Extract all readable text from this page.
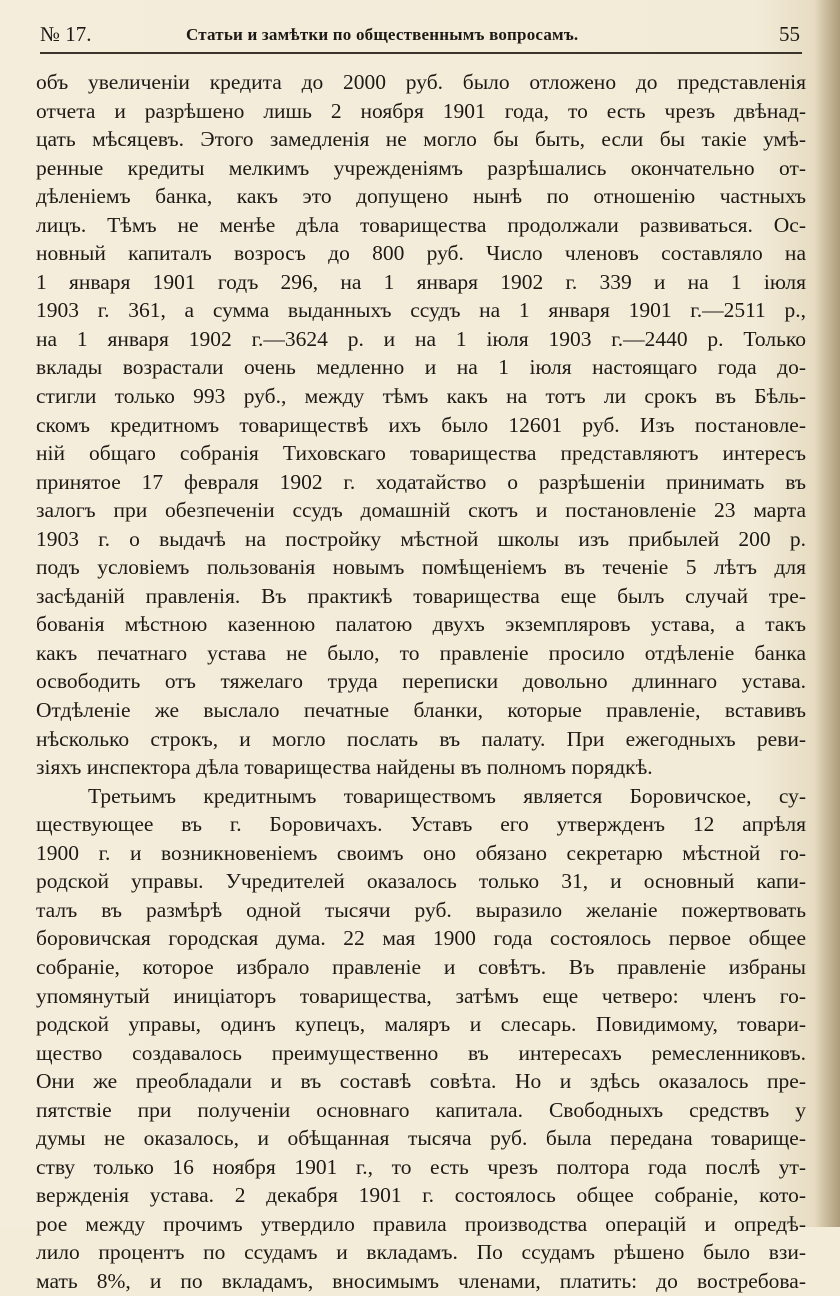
№ 17.	Статьи и замѣтки по общественнымъ вопросамъ.	55
объ увеличеніи кредита до 2000 руб. было отложено до представленія
отчета и разрѣшено лишь 2 ноября 1901 года, то есть чрезъ двѣнад-
цать мѣсяцевъ. Этого замедленія не могло бы быть, если бы такіе умѣ-
ренные кредиты мелкимъ учрежденіямъ разрѣшались окончательно от-
дѣленіемъ банка, какъ это допущено нынѣ по отношенію частныхъ
лицъ. Тѣмъ не менѣе дѣла товарищества продолжали развиваться. Ос-
новный капиталъ возросъ до 800 руб. Число членовъ составляло на
1 января 1901 годъ 296, на 1 января 1902 г. 339 и на 1 іюля
1903 г. 361, а сумма выданныхъ ссудъ на 1 января 1901 г.—2511 р.,
на 1 января 1902 г.—3624 р. и на 1 іюля 1903 г.—2440 р. Только
вклады возрастали очень медленно и на 1 іюля настоящаго года до-
стигли только 993 руб., между тѣмъ какъ на тотъ ли срокъ въ Бѣль-
скомъ кредитномъ товариществѣ ихъ было 12601 руб. Изъ постановле-
ній общаго собранія Тиховскаго товарищества представляютъ интересъ
принятое 17 февраля 1902 г. ходатайство о разрѣшеніи принимать въ
залогъ при обезпеченіи ссудъ домашній скотъ и постановленіе 23 марта
1903 г. о выдачѣ на постройку мѣстной школы изъ прибылей 200 р.
подъ условіемъ пользованія новымъ помѣщеніемъ въ теченіе 5 лѣтъ для
засѣданій правленія. Въ практикѣ товарищества еще былъ случай тре-
бованія мѣстною казенною палатою двухъ экземпляровъ устава, а такъ
какъ печатнаго устава не было, то правленіе просило отдѣленіе банка
освободить отъ тяжелаго труда переписки довольно длиннаго устава.
Отдѣленіе же выслало печатные бланки, которые правленіе, вставивъ
нѣсколько строкъ, и могло послать въ палату. При ежегодныхъ реви-
зіяхъ инспектора дѣла товарищества найдены въ полномъ порядкѣ.
Третьимъ кредитнымъ товариществомъ является Боровичское, су-
ществующее въ г. Боровичахъ. Уставъ его утвержденъ 12 апрѣля
1900 г. и возникновеніемъ своимъ оно обязано секретарю мѣстной го-
родской управы. Учредителей оказалось только 31, и основный капи-
талъ въ размѣрѣ одной тысячи руб. выразило желаніе пожертвовать
боровичская городская дума. 22 мая 1900 года состоялось первое общее
собраніе, которое избрало правленіе и совѣтъ. Въ правленіе избраны
упомянутый иниціаторъ товарищества, затѣмъ еще четверо: членъ го-
родской управы, одинъ купецъ, маляръ и слесарь. Повидимому, товари-
щество создавалось преимущественно въ интересахъ ремесленниковъ.
Они же преобладали и въ составѣ совѣта. Но и здѣсь оказалось пре-
пятствіе при полученіи основнаго капитала. Свободныхъ средствъ у
думы не оказалось, и обѣщанная тысяча руб. была передана товарище-
ству только 16 ноября 1901 г., то есть чрезъ полтора года послѣ ут-
вержденія устава. 2 декабря 1901 г. состоялось общее собраніе, кото-
рое между прочимъ утвердило правила производства операцій и опредѣ-
лило процентъ по ссудамъ и вкладамъ. По ссудамъ рѣшено было взи-
мать 8%, и по вкладамъ, вносимымъ членами, платить: до востребова-
